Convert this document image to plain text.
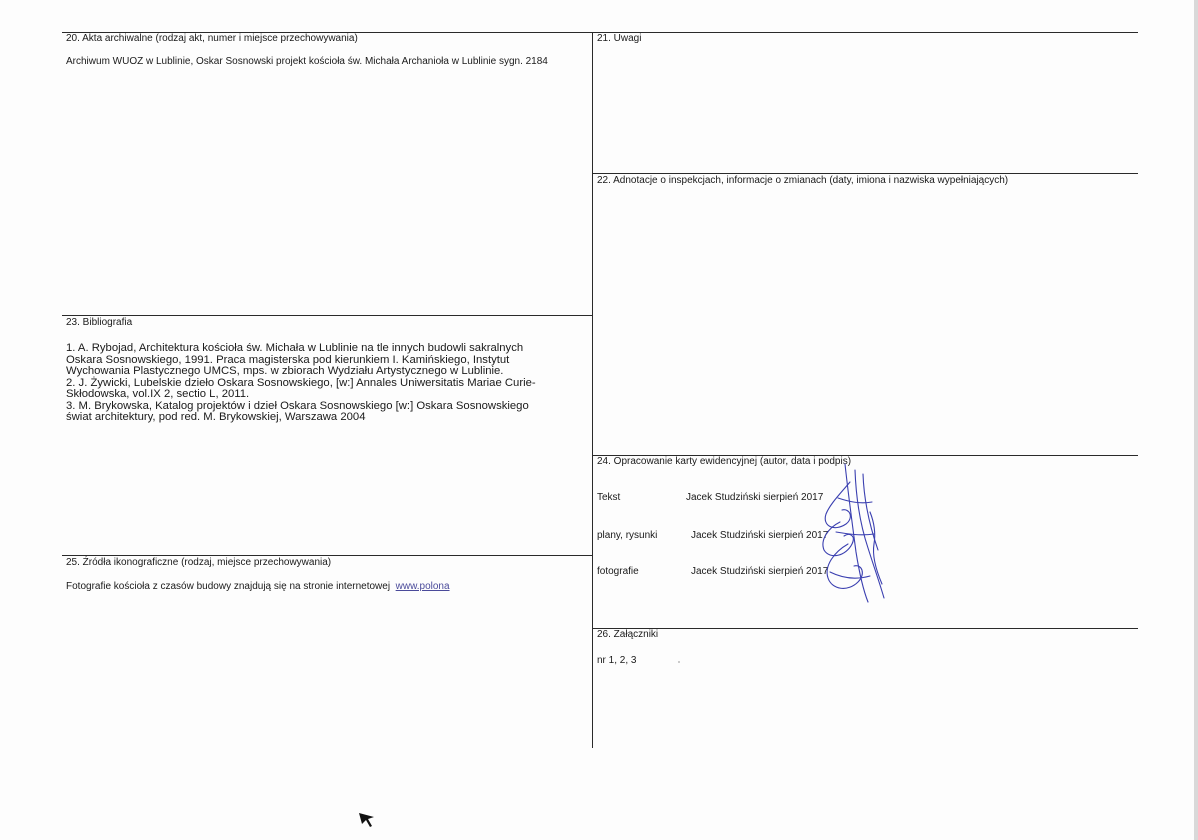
20. Akta archiwalne (rodzaj akt, numer i miejsce przechowywania)
Archiwum WUOZ w Lublinie, Oskar Sosnowski projekt kościoła św. Michała Archanioła w Lublinie sygn. 2184
21. Uwagi
22. Adnotacje o inspekcjach, informacje o zmianach (daty, imiona i nazwiska wypełniających)
23. Bibliografia
1. A. Rybojad, Architektura kościoła św. Michała w Lublinie na tle innych budowli sakralnych
Oskara Sosnowskiego, 1991. Praca magisterska pod kierunkiem I. Kamińskiego, Instytut
Wychowania Plastycznego UMCS, mps. w zbiorach Wydziału Artystycznego w Lublinie.
2. J. Żywicki, Lubelskie dzieło Oskara Sosnowskiego, [w:] Annales Uniwersitatis Mariae Curie-
Skłodowska, vol.IX 2, sectio L, 2011.
3. M. Brykowska, Katalog projektów i dzieł Oskara Sosnowskiego [w:] Oskara Sosnowskiego
świat architektury, pod red. M. Brykowskiej, Warszawa 2004
24. Opracowanie karty ewidencyjnej (autor, data i podpis)
Tekst	Jacek Studziński sierpień 2017
plany, rysunki	Jacek Studziński sierpień 2017
fotografie	Jacek Studziński sierpień 2017
25. Źródła ikonograficzne (rodzaj, miejsce przechowywania)
Fotografie kościoła z czasów budowy znajdują się na stronie internetowej www.polona
26. Załączniki
nr 1, 2, 3
